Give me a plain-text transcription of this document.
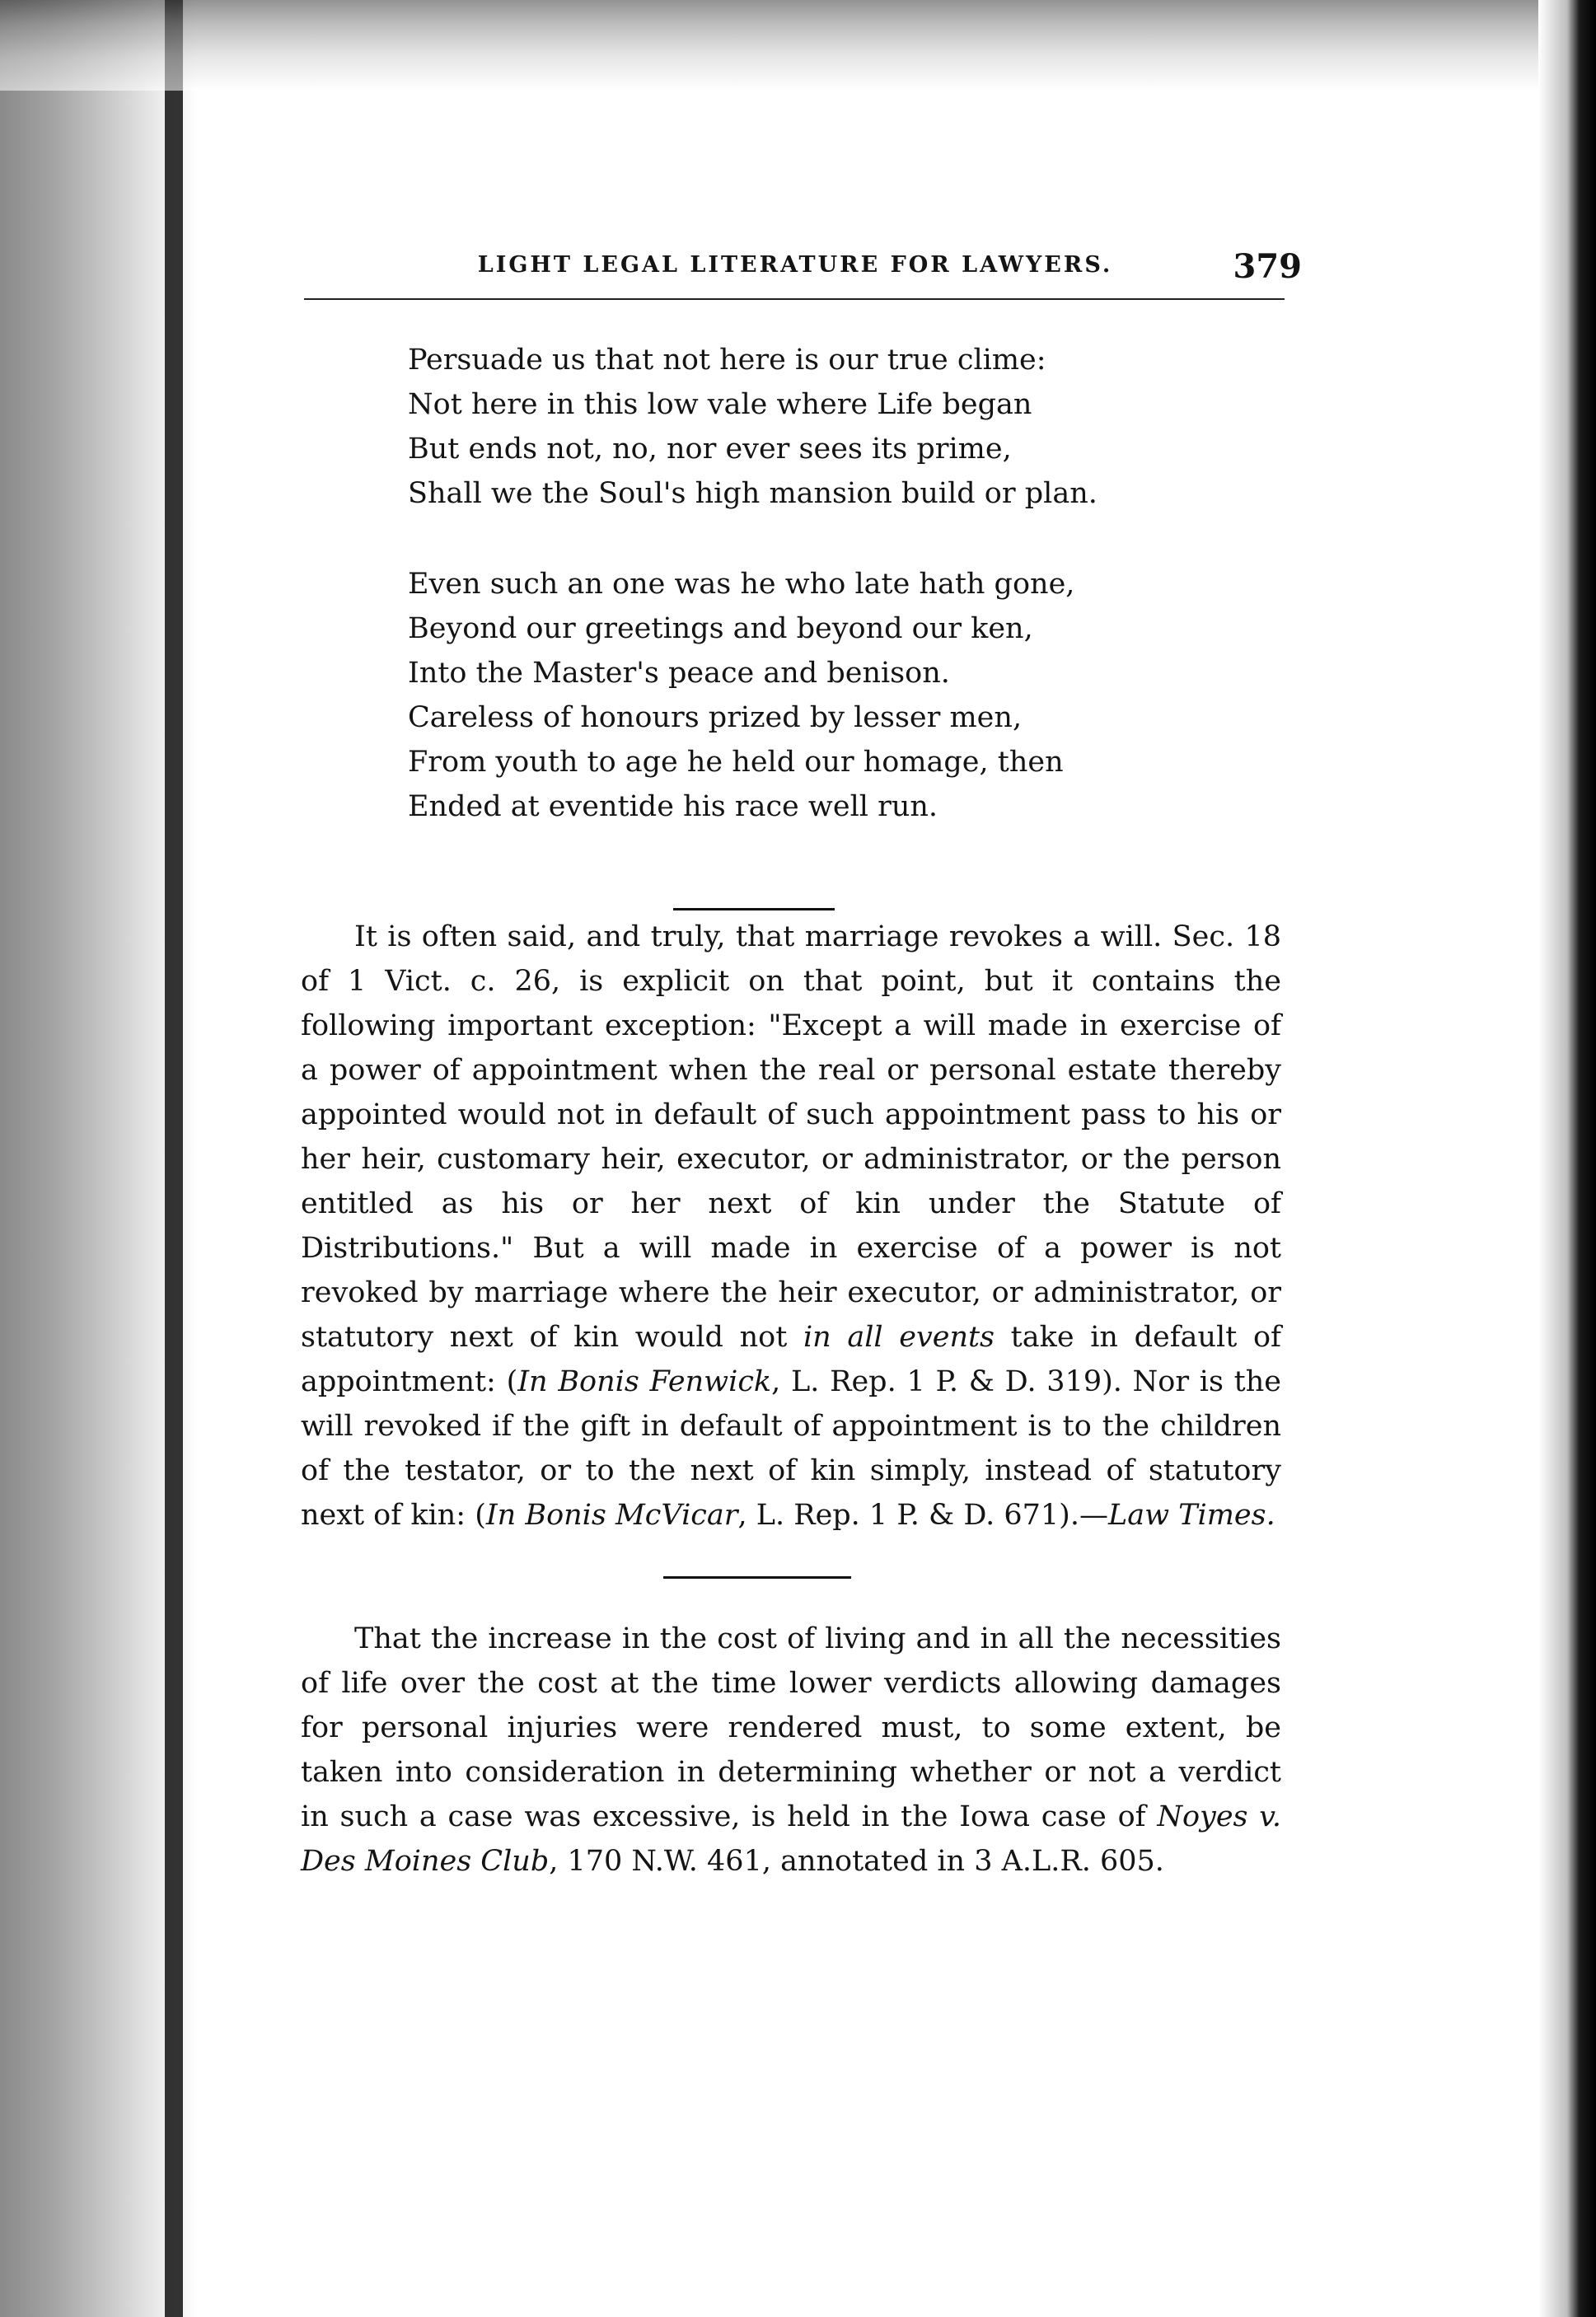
LIGHT LEGAL LITERATURE FOR LAWYERS.	379

Persuade us that not here is our true clime:

Not here in this low vale where Life began

But ends not, no, nor ever sees its prime,

Shall we the Soul's high mansion build or plan.

Even such an one was he who late hath gone,

Beyond our greetings and beyond our ken,

Into the Master's peace and benison.

Careless of honours prized by lesser men,

From youth to age he held our homage, then

Ended at eventide his race well run.

It is often said, and truly, that marriage revokes a will. Sec. 18 of 1 Vict. c. 26, is explicit on that point, but it contains the following important exception: "Except a will made in exercise of a power of appointment when the real or personal estate thereby appointed would not in default of such appointment pass to his or her heir, customary heir, executor, or administrator, or the person entitled as his or her next of kin under the Statute of Distributions." But a will made in exercise of a power is not revoked by marriage where the heir executor, or administrator, or statutory next of kin would not in all events take in default of appointment: (In Bonis Fenwick, L. Rep. 1 P. & D. 319). Nor is the will revoked if the gift in default of appointment is to the children of the testator, or to the next of kin simply, instead of statutory next of kin: (In Bonis McVicar, L. Rep. 1 P. & D. 671).—Law Times.

That the increase in the cost of living and in all the necessities of life over the cost at the time lower verdicts allowing damages for personal injuries were rendered must, to some extent, be taken into consideration in determining whether or not a verdict in such a case was excessive, is held in the Iowa case of Noyes v. Des Moines Club, 170 N.W. 461, annotated in 3 A.L.R. 605.
